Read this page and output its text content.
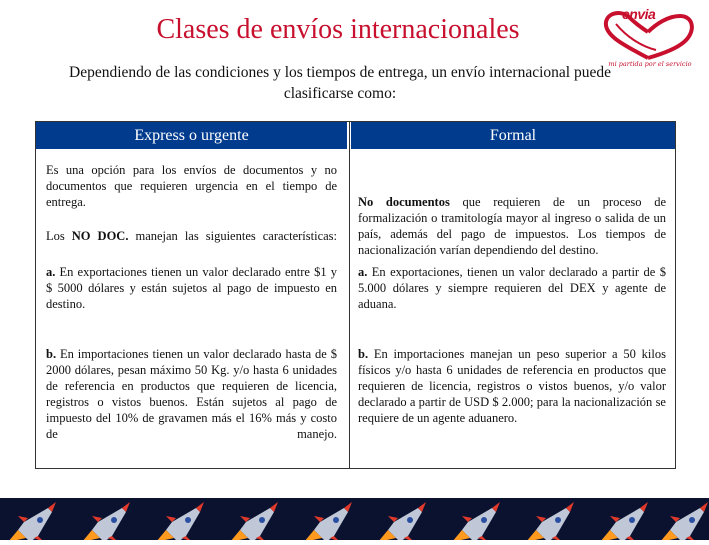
Clases de envíos internacionales
Dependiendo de las condiciones y los tiempos de entrega, un envío internacional puede clasificarse como:
envia
mi partida por el servicio
Express o urgente	Formal
Es una opción para los envíos de documentos y no documentos que requieren urgencia en el tiempo de entrega.
Los NO DOC. manejan las siguientes características:
a. En exportaciones tienen un valor declarado entre $1 y $ 5000 dólares y están sujetos al pago de impuesto en destino.
b. En importaciones tienen un valor declarado hasta de $ 2000 dólares, pesan máximo 50 Kg. y/o hasta 6 unidades de referencia en productos que requieren de licencia, registros o vistos buenos. Están sujetos al pago de impuesto del 10% de gravamen más el 16% más y costo de manejo.
No documentos que requieren de un proceso de formalización o tramitología mayor al ingreso o salida de un país, además del pago de impuestos. Los tiempos de nacionalización varían dependiendo del destino.
a. En exportaciones, tienen un valor declarado a partir de $ 5.000 dólares y siempre requieren del DEX y agente de aduana.
b. En importaciones manejan un peso superior a 50 kilos físicos y/o hasta 6 unidades de referencia en productos que requieren de licencia, registros o vistos buenos, y/o valor declarado a partir de USD $ 2.000; para la nacionalización se requiere de un agente aduanero.
